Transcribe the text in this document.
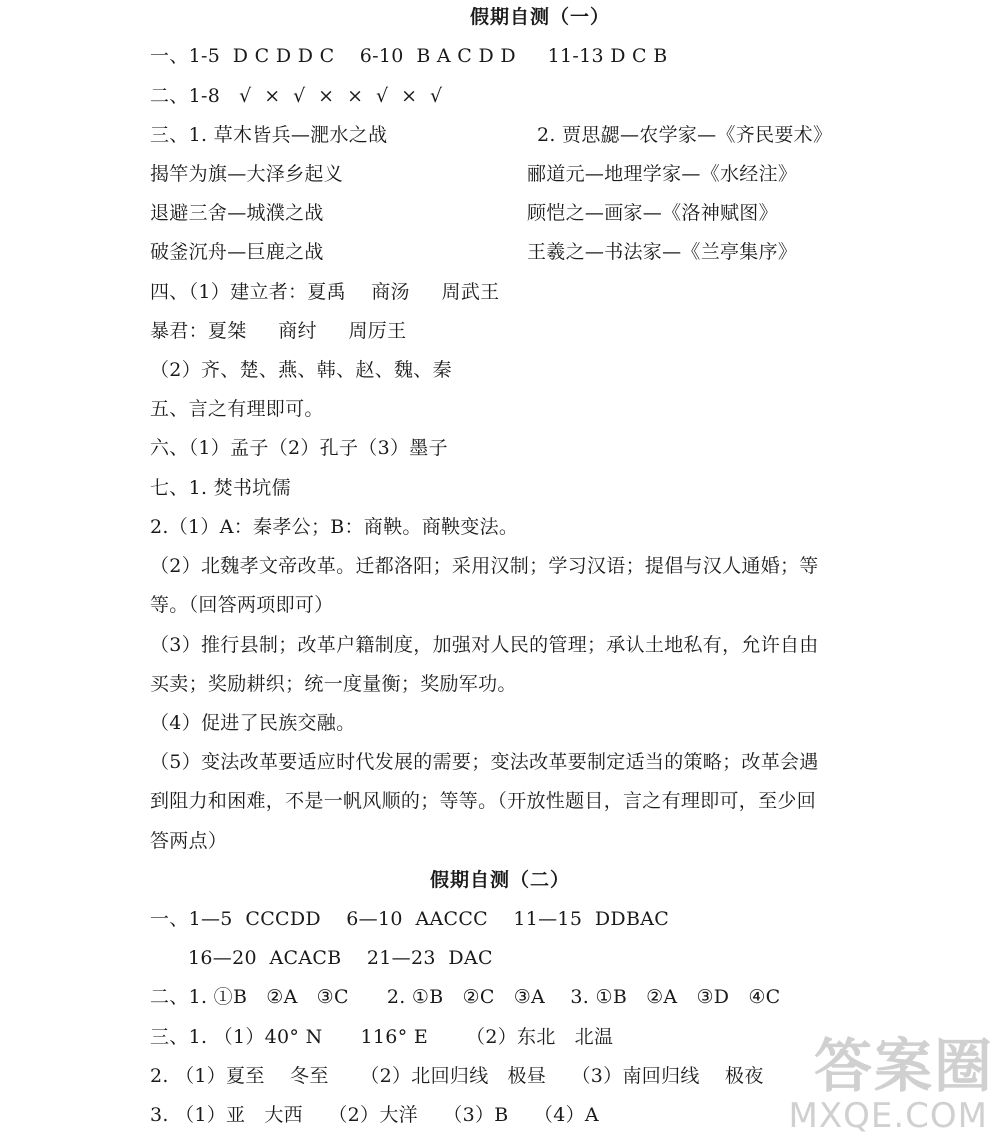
假期自测（一）
一、1-5  D C D D C    6-10  B A C D D     11-13 D C B
二、1-8   √  ×  √  ×  ×  √  ×  √
三、1. 草木皆兵—淝水之战	2. 贾思勰—农学家—《齐民要术》
揭竿为旗—大泽乡起义	郦道元—地理学家—《水经注》
退避三舍—城濮之战	顾恺之—画家—《洛神赋图》
破釜沉舟—巨鹿之战	王羲之—书法家—《兰亭集序》
四、（1）建立者：夏禹    商汤     周武王
暴君：夏桀     商纣     周厉王
（2）齐、楚、燕、韩、赵、魏、秦
五、言之有理即可。
六、（1）孟子（2）孔子（3）墨子
七、1. 焚书坑儒
2.（1）A：秦孝公；B：商鞅。商鞅变法。
（2）北魏孝文帝改革。迁都洛阳；采用汉制；学习汉语；提倡与汉人通婚；等
等。（回答两项即可）
（3）推行县制；改革户籍制度，加强对人民的管理；承认土地私有，允许自由
买卖；奖励耕织；统一度量衡；奖励军功。
（4）促进了民族交融。
（5）变法改革要适应时代发展的需要；变法改革要制定适当的策略；改革会遇
到阻力和困难，不是一帆风顺的；等等。（开放性题目，言之有理即可，至少回
答两点）
假期自测（二）
一、1—5  CCCDD    6—10  AACCC    11—15  DDBAC
16—20  ACACB    21—23  DAC
二、1. ①B   ②A   ③C      2. ①B   ②C   ③A    3. ①B   ②A   ③D   ④C
三、1. （1）40° N      116° E      （2）东北   北温
2. （1）夏至    冬至     （2）北回归线   极昼    （3）南回归线    极夜
3. （1）亚   大西    （2）大洋    （3）B    （4）A
答案圈
MXQE.COM
